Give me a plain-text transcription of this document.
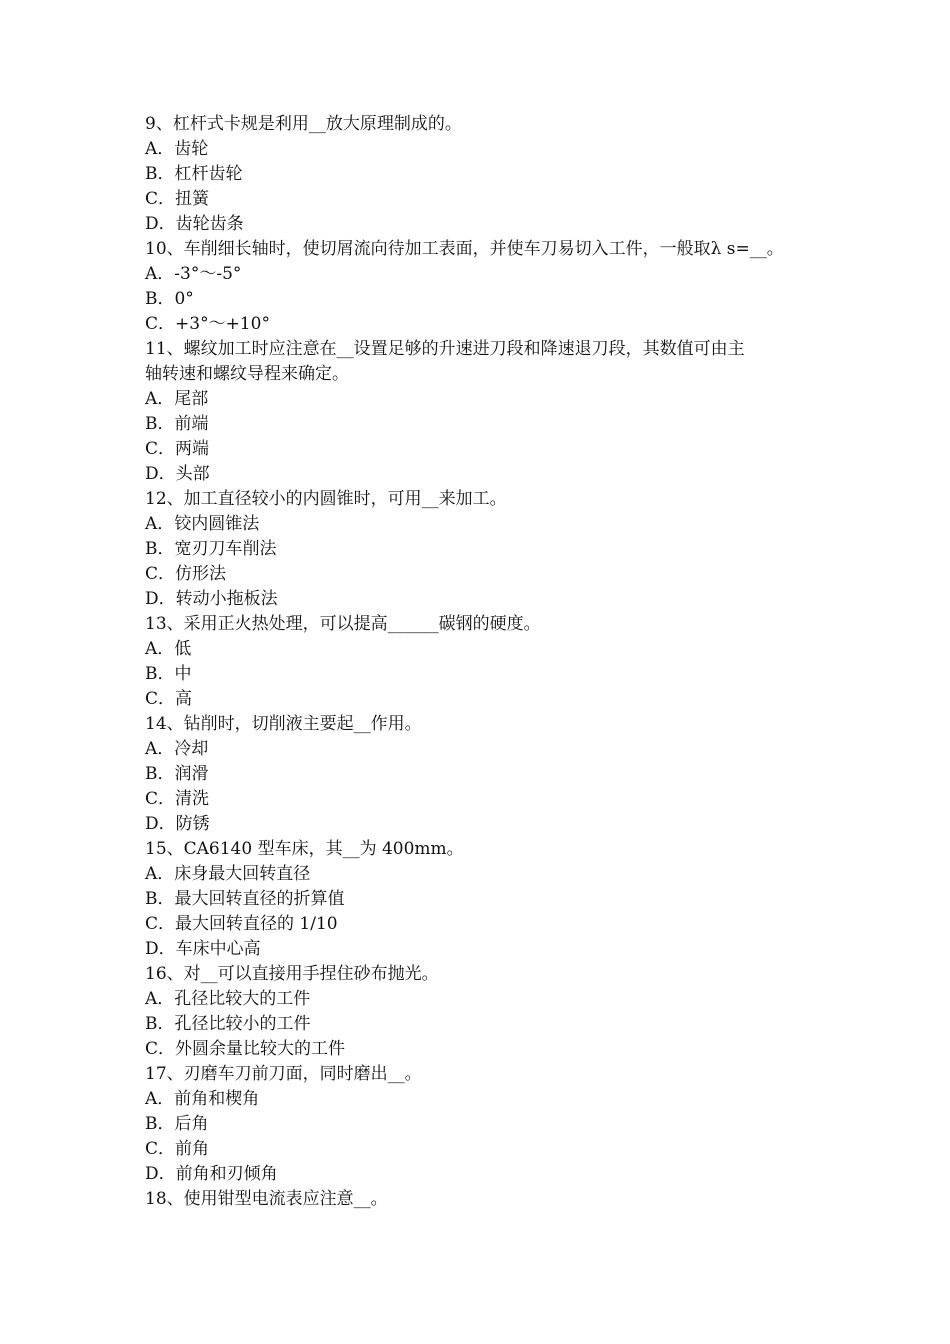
9、杠杆式卡规是利用__放大原理制成的。
A．齿轮
B．杠杆齿轮
C．扭簧
D．齿轮齿条
10、车削细长轴时，使切屑流向待加工表面，并使车刀易切入工件，一般取λ s=__。
A．-3°～-5°
B．0°
C．+3°～+10°
11、螺纹加工时应注意在__设置足够的升速进刀段和降速退刀段，其数值可由主
轴转速和螺纹导程来确定。
A．尾部
B．前端
C．两端
D．头部
12、加工直径较小的内圆锥时，可用__来加工。
A．铰内圆锥法
B．宽刃刀车削法
C．仿形法
D．转动小拖板法
13、采用正火热处理，可以提高______碳钢的硬度。
A．低
B．中
C．高
14、钻削时，切削液主要起__作用。
A．冷却
B．润滑
C．清洗
D．防锈
15、CA6140 型车床，其__为 400mm。
A．床身最大回转直径
B．最大回转直径的折算值
C．最大回转直径的 1/10
D．车床中心高
16、对__可以直接用手捏住砂布抛光。
A．孔径比较大的工件
B．孔径比较小的工件
C．外圆余量比较大的工件
17、刃磨车刀前刀面，同时磨出__。
A．前角和楔角
B．后角
C．前角
D．前角和刃倾角
18、使用钳型电流表应注意__。
